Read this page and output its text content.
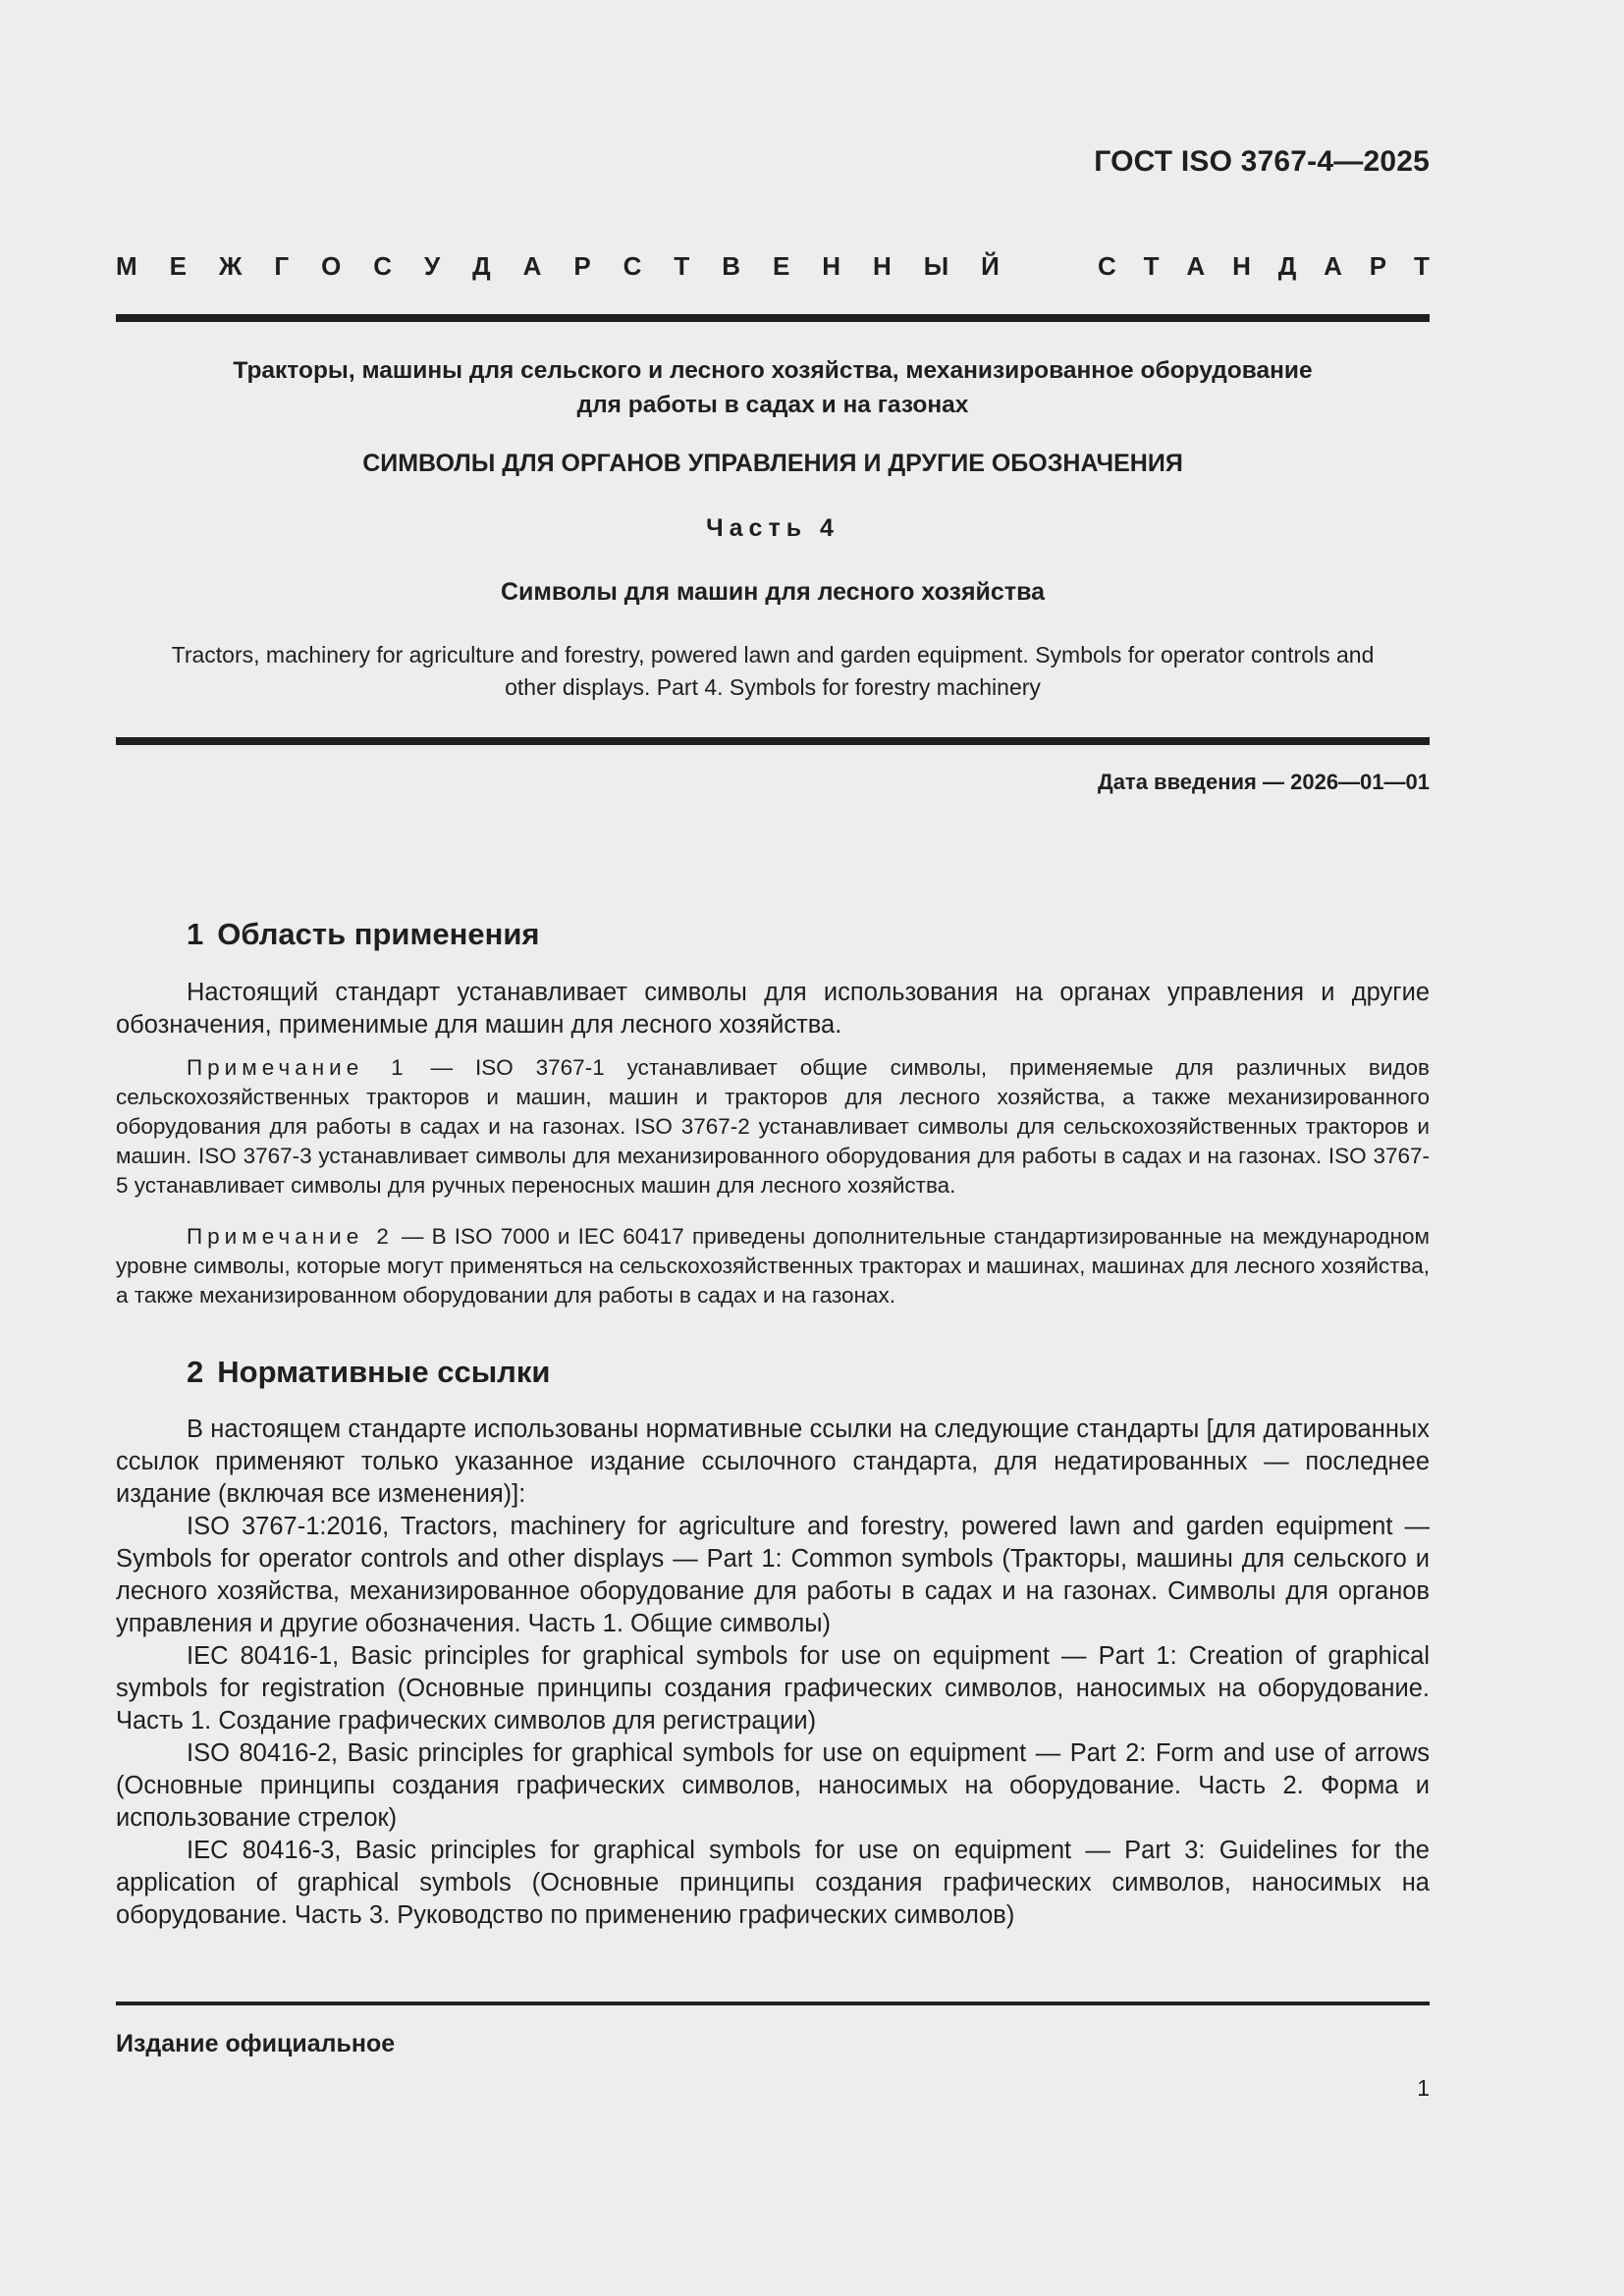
ГОСТ ISO 3767-4—2025
М Е Ж Г О С У Д А Р С Т В Е Н Н Ы Й	С Т А Н Д А Р Т
Тракторы, машины для сельского и лесного хозяйства, механизированное оборудование
для работы в садах и на газонах
СИМВОЛЫ ДЛЯ ОРГАНОВ УПРАВЛЕНИЯ И ДРУГИЕ ОБОЗНАЧЕНИЯ
Часть 4
Символы для машин для лесного хозяйства
Tractors, machinery for agriculture and forestry, powered lawn and garden equipment. Symbols for operator controls and
other displays. Part 4. Symbols for forestry machinery
Дата введения — 2026—01—01
1 Область применения

Настоящий стандарт устанавливает символы для использования на органах управления и другие обозначения, применимые для машин для лесного хозяйства.

Примечание 1 — ISO 3767-1 устанавливает общие символы, применяемые для различных видов сельскохозяйственных тракторов и машин, машин и тракторов для лесного хозяйства, а также механизированного оборудования для работы в садах и на газонах. ISO 3767-2 устанавливает символы для сельскохозяйственных тракторов и машин. ISO 3767-3 устанавливает символы для механизированного оборудования для работы в садах и на газонах. ISO 3767-5 устанавливает символы для ручных переносных машин для лесного хозяйства.

Примечание 2 — В ISO 7000 и IEC 60417 приведены дополнительные стандартизированные на международном уровне символы, которые могут применяться на сельскохозяйственных тракторах и машинах, машинах для лесного хозяйства, а также механизированном оборудовании для работы в садах и на газонах.

2 Нормативные ссылки

В настоящем стандарте использованы нормативные ссылки на следующие стандарты [для датированных ссылок применяют только указанное издание ссылочного стандарта, для недатированных — последнее издание (включая все изменения)]:

ISO 3767-1:2016, Tractors, machinery for agriculture and forestry, powered lawn and garden equipment — Symbols for operator controls and other displays — Part 1: Common symbols (Тракторы, машины для сельского и лесного хозяйства, механизированное оборудование для работы в садах и на газонах. Символы для органов управления и другие обозначения. Часть 1. Общие символы)

IEC 80416-1, Basic principles for graphical symbols for use on equipment — Part 1: Creation of graphical symbols for registration (Основные принципы создания графических символов, наносимых на оборудование. Часть 1. Создание графических символов для регистрации)

ISO 80416-2, Basic principles for graphical symbols for use on equipment — Part 2: Form and use of arrows (Основные принципы создания графических символов, наносимых на оборудование. Часть 2. Форма и использование стрелок)

IEC 80416-3, Basic principles for graphical symbols for use on equipment — Part 3: Guidelines for the application of graphical symbols (Основные принципы создания графических символов, наносимых на оборудование. Часть 3. Руководство по применению графических символов)

Издание официальное
1
